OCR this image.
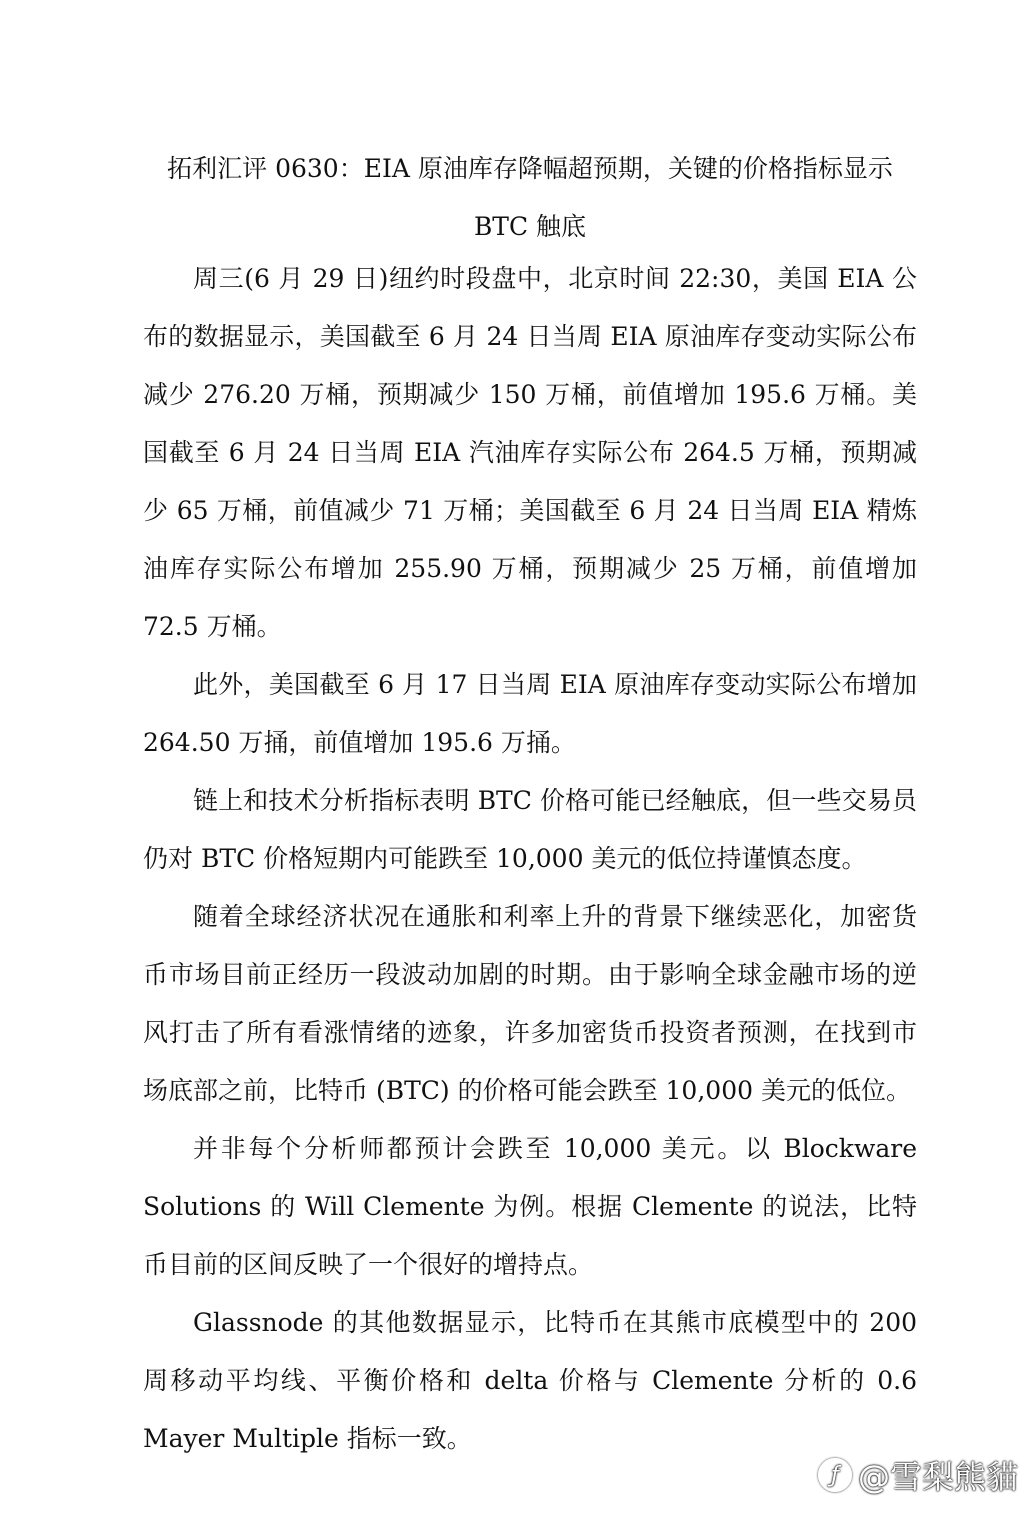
拓利汇评 0630：EIA 原油库存降幅超预期，关键的价格指标显示 BTC 触底

周三(6 月 29 日)纽约时段盘中，北京时间 22:30，美国 EIA 公布的数据显示，美国截至 6 月 24 日当周 EIA 原油库存变动实际公布减少 276.20 万桶，预期减少 150 万桶，前值增加 195.6 万桶。美国截至 6 月 24 日当周 EIA 汽油库存实际公布 264.5 万桶，预期减少 65 万桶，前值减少 71 万桶；美国截至 6 月 24 日当周 EIA 精炼油库存实际公布增加 255.90 万桶，预期减少 25 万桶，前值增加 72.5 万桶。

此外，美国截至 6 月 17 日当周 EIA 原油库存变动实际公布增加 264.50 万捅，前值增加 195.6 万捅。

链上和技术分析指标表明 BTC 价格可能已经触底，但一些交易员仍对 BTC 价格短期内可能跌至 10,000 美元的低位持谨慎态度。

随着全球经济状况在通胀和利率上升的背景下继续恶化，加密货币市场目前正经历一段波动加剧的时期。由于影响全球金融市场的逆风打击了所有看涨情绪的迹象，许多加密货币投资者预测，在找到市场底部之前，比特币 (BTC) 的价格可能会跌至 10,000 美元的低位。

并非每个分析师都预计会跌至 10,000 美元。以 Blockware Solutions 的 Will Clemente 为例。根据 Clemente 的说法，比特币目前的区间反映了一个很好的增持点。

Glassnode 的其他数据显示，比特币在其熊市底模型中的 200 周移动平均线、平衡价格和 delta 价格与 Clemente 分析的 0.6 Mayer Multiple 指标一致。

ƒ @雪梨熊貓
